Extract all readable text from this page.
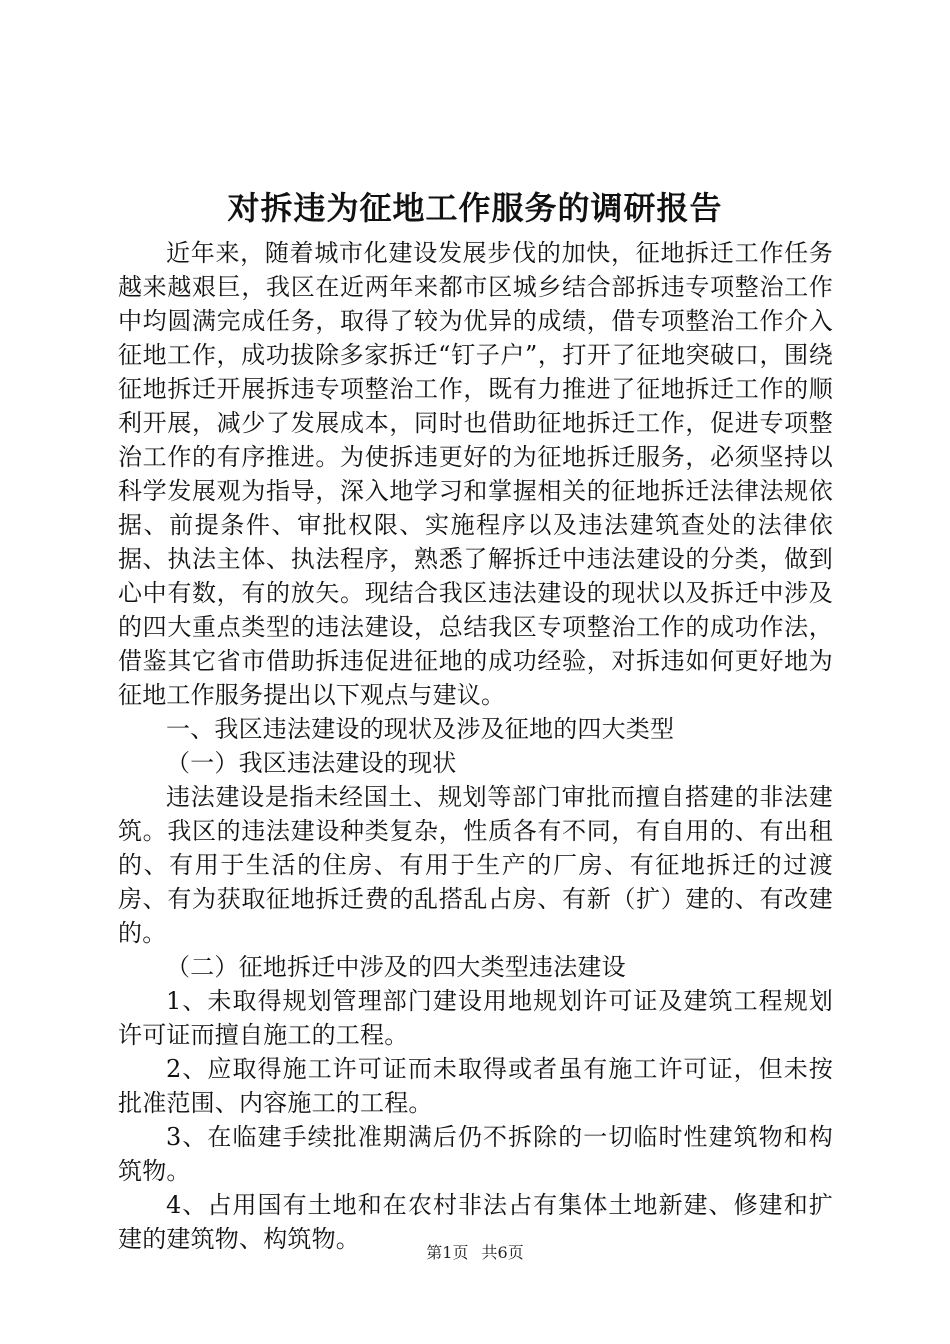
对拆违为征地工作服务的调研报告

近年来，随着城市化建设发展步伐的加快，征地拆迁工作任务越来越艰巨，我区在近两年来都市区城乡结合部拆违专项整治工作中均圆满完成任务，取得了较为优异的成绩，借专项整治工作介入征地工作，成功拔除多家拆迁“钉子户”，打开了征地突破口，围绕征地拆迁开展拆违专项整治工作，既有力推进了征地拆迁工作的顺利开展，减少了发展成本，同时也借助征地拆迁工作，促进专项整治工作的有序推进。为使拆违更好的为征地拆迁服务，必须坚持以科学发展观为指导，深入地学习和掌握相关的征地拆迁法律法规依据、前提条件、审批权限、实施程序以及违法建筑查处的法律依据、执法主体、执法程序，熟悉了解拆迁中违法建设的分类，做到心中有数，有的放矢。现结合我区违法建设的现状以及拆迁中涉及的四大重点类型的违法建设，总结我区专项整治工作的成功作法，借鉴其它省市借助拆违促进征地的成功经验，对拆违如何更好地为征地工作服务提出以下观点与建议。

一、我区违法建设的现状及涉及征地的四大类型

（一）我区违法建设的现状

违法建设是指未经国土、规划等部门审批而擅自搭建的非法建筑。我区的违法建设种类复杂，性质各有不同，有自用的、有出租的、有用于生活的住房、有用于生产的厂房、有征地拆迁的过渡房、有为获取征地拆迁费的乱搭乱占房、有新（扩）建的、有改建的。

（二）征地拆迁中涉及的四大类型违法建设

1、未取得规划管理部门建设用地规划许可证及建筑工程规划许可证而擅自施工的工程。

2、应取得施工许可证而未取得或者虽有施工许可证，但未按批准范围、内容施工的工程。

3、在临建手续批准期满后仍不拆除的一切临时性建筑物和构筑物。

4、占用国有土地和在农村非法占有集体土地新建、修建和扩建的建筑物、构筑物。	第1页 共6页
